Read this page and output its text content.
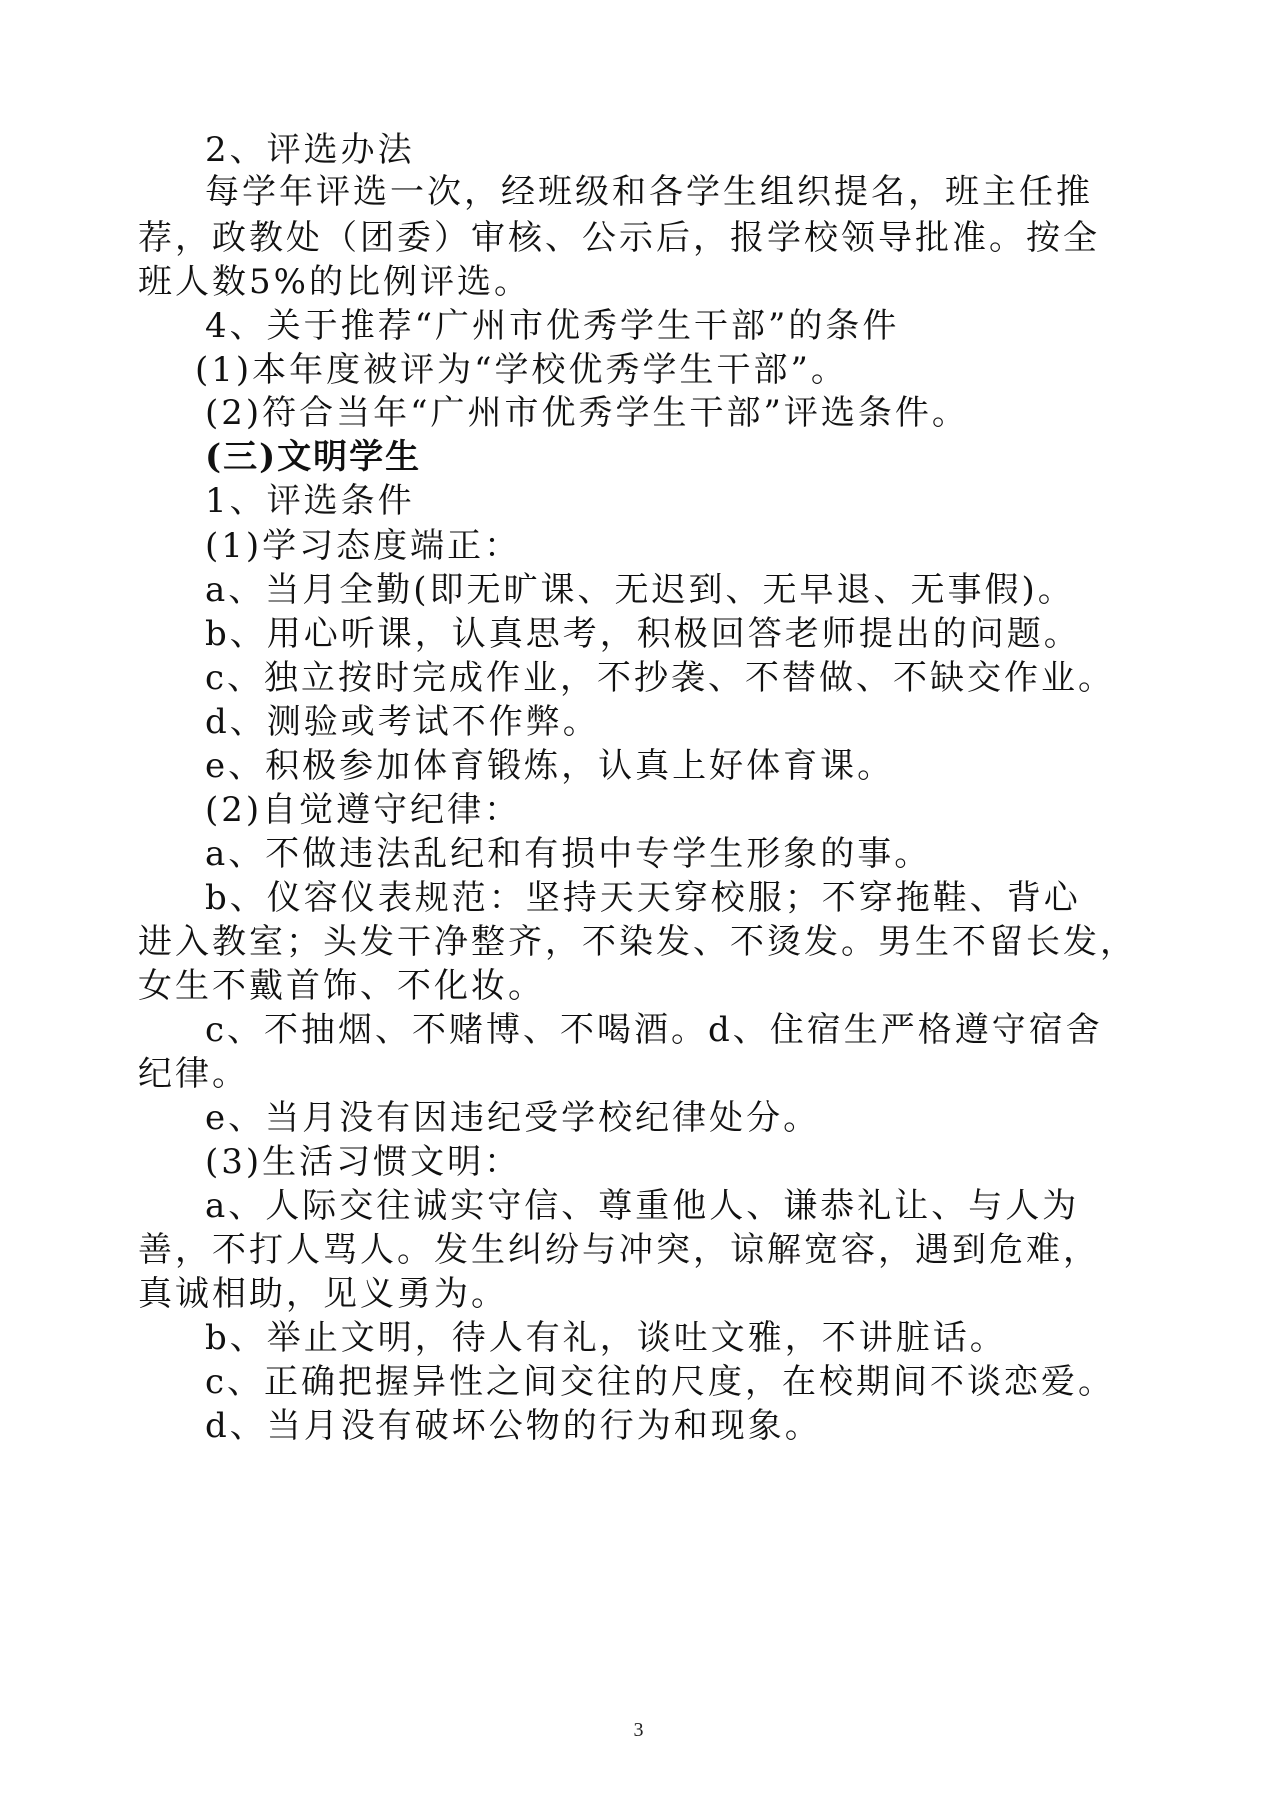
2、评选办法
每学年评选一次，经班级和各学生组织提名，班主任推
荐，政教处（团委）审核、公示后，报学校领导批准。按全
班人数5%的比例评选。
4、关于推荐“广州市优秀学生干部”的条件
(1)本年度被评为“学校优秀学生干部”。
(2)符合当年“广州市优秀学生干部”评选条件。
(三)文明学生
1、评选条件
(1)学习态度端正：
a、当月全勤(即无旷课、无迟到、无早退、无事假)。
b、用心听课，认真思考，积极回答老师提出的问题。
c、独立按时完成作业，不抄袭、不替做、不缺交作业。
d、测验或考试不作弊。
e、积极参加体育锻炼，认真上好体育课。
(2)自觉遵守纪律：
a、不做违法乱纪和有损中专学生形象的事。
b、仪容仪表规范：坚持天天穿校服；不穿拖鞋、背心
进入教室；头发干净整齐，不染发、不烫发。男生不留长发，
女生不戴首饰、不化妆。
c、不抽烟、不赌博、不喝酒。d、住宿生严格遵守宿舍
纪律。
e、当月没有因违纪受学校纪律处分。
(3)生活习惯文明：
a、人际交往诚实守信、尊重他人、谦恭礼让、与人为
善，不打人骂人。发生纠纷与冲突，谅解宽容，遇到危难，
真诚相助，见义勇为。
b、举止文明，待人有礼，谈吐文雅，不讲脏话。
c、正确把握异性之间交往的尺度，在校期间不谈恋爱。
d、当月没有破坏公物的行为和现象。
3
